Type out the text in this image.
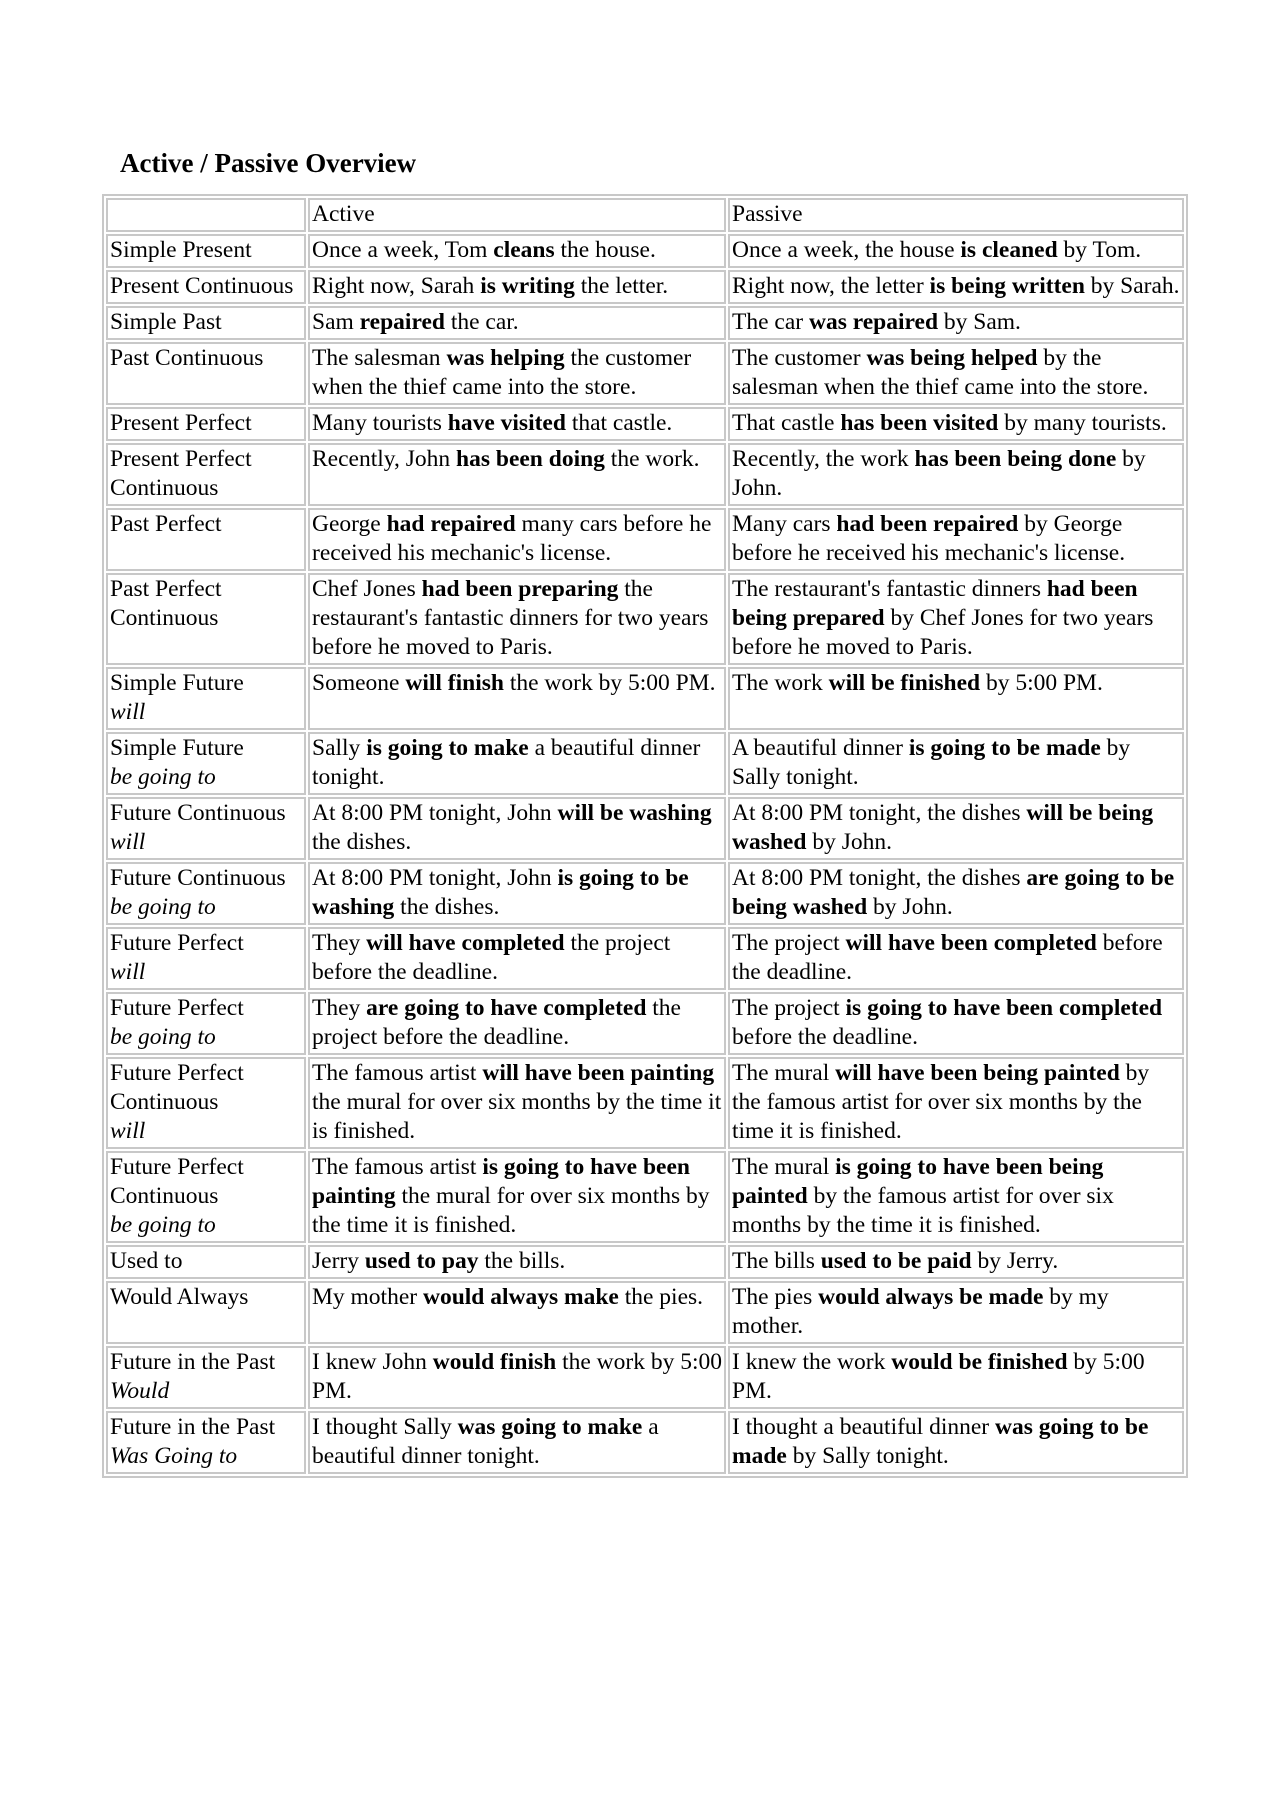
Active / Passive Overview
	Active	Passive

Simple Present	Once a week, Tom cleans the house.	Once a week, the house is cleaned by Tom.

Present Continuous	Right now, Sarah is writing the letter.	Right now, the letter is being written by Sarah.

Simple Past	Sam repaired the car.	The car was repaired by Sam.

Past Continuous	The salesman was helping the customer when the thief came into the store.	The customer was being helped by the salesman when the thief came into the store.

Present Perfect	Many tourists have visited that castle.	That castle has been visited by many tourists.

Present Perfect Continuous	Recently, John has been doing the work.	Recently, the work has been being done by John.

Past Perfect	George had repaired many cars before he received his mechanic's license.	Many cars had been repaired by George before he received his mechanic's license.

Past Perfect Continuous	Chef Jones had been preparing the restaurant's fantastic dinners for two years before he moved to Paris.	The restaurant's fantastic dinners had been being prepared by Chef Jones for two years before he moved to Paris.

Simple Future
will	Someone will finish the work by 5:00 PM.	The work will be finished by 5:00 PM.

Simple Future
be going to	Sally is going to make a beautiful dinner tonight.	A beautiful dinner is going to be made by Sally tonight.

Future Continuous
will	At 8:00 PM tonight, John will be washing the dishes.	At 8:00 PM tonight, the dishes will be being washed by John.

Future Continuous
be going to	At 8:00 PM tonight, John is going to be washing the dishes.	At 8:00 PM tonight, the dishes are going to be being washed by John.

Future Perfect
will	They will have completed the project before the deadline.	The project will have been completed before the deadline.

Future Perfect
be going to	They are going to have completed the project before the deadline.	The project is going to have been completed before the deadline.

Future Perfect Continuous
will	The famous artist will have been painting the mural for over six months by the time it is finished.	The mural will have been being painted by the famous artist for over six months by the time it is finished.

Future Perfect Continuous
be going to	The famous artist is going to have been painting the mural for over six months by the time it is finished.	The mural is going to have been being painted by the famous artist for over six months by the time it is finished.

Used to	Jerry used to pay the bills.	The bills used to be paid by Jerry.

Would Always	My mother would always make the pies.	The pies would always be made by my mother.

Future in the Past
Would	I knew John would finish the work by 5:00 PM.	I knew the work would be finished by 5:00 PM.

Future in the Past
Was Going to	I thought Sally was going to make a beautiful dinner tonight.	I thought a beautiful dinner was going to be made by Sally tonight.
